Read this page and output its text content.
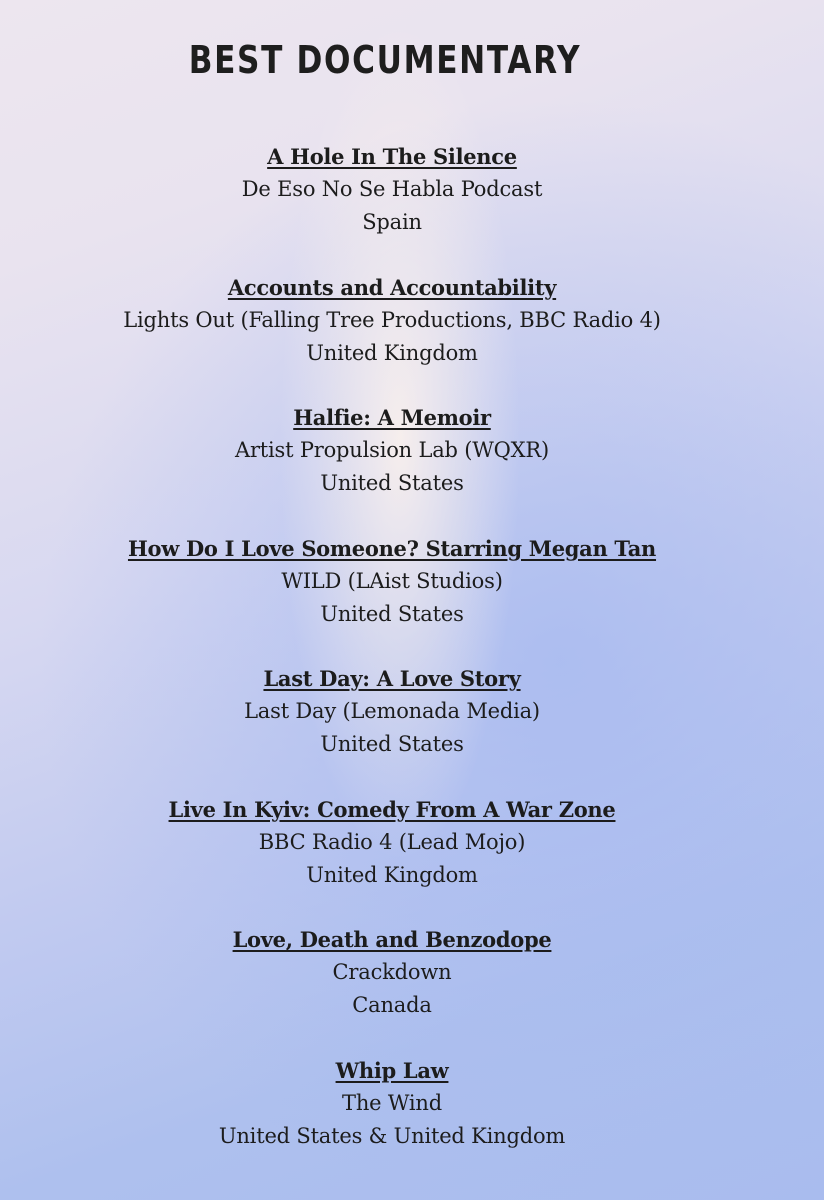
BEST DOCUMENTARY
A Hole In The Silence
De Eso No Se Habla Podcast
Spain
Accounts and Accountability
Lights Out (Falling Tree Productions, BBC Radio 4)
United Kingdom
Halfie: A Memoir
Artist Propulsion Lab (WQXR)
United States
How Do I Love Someone? Starring Megan Tan
WILD (LAist Studios)
United States
Last Day: A Love Story
Last Day (Lemonada Media)
United States
Live In Kyiv: Comedy From A War Zone
BBC Radio 4 (Lead Mojo)
United Kingdom
Love, Death and Benzodope
Crackdown
Canada
Whip Law
The Wind
United States & United Kingdom
